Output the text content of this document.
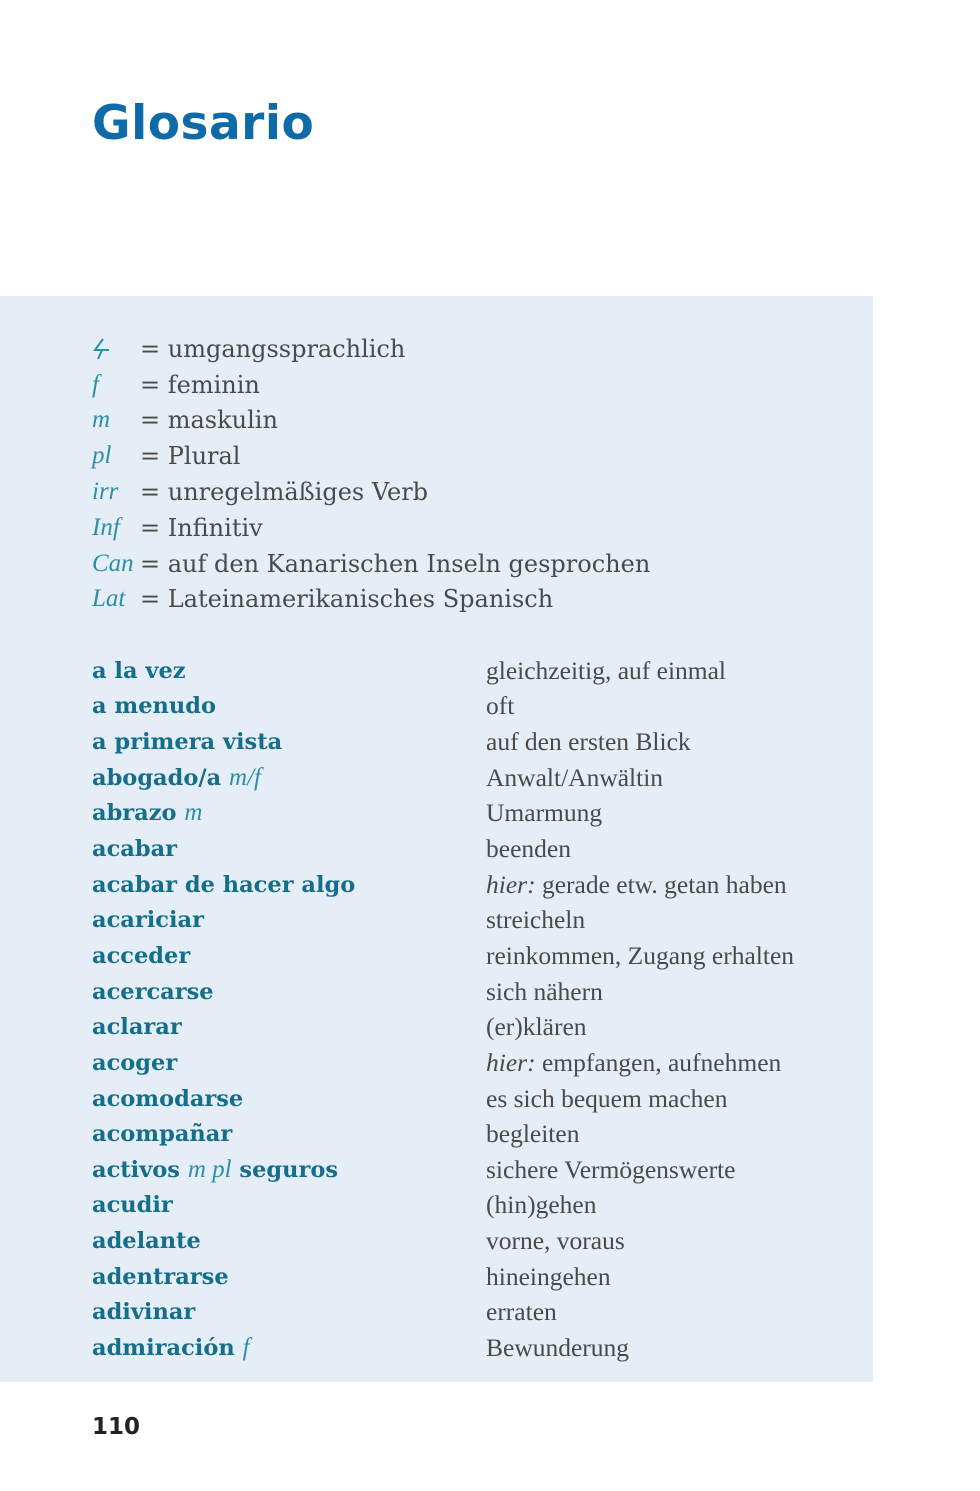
Glosario
= umgangssprachlich
f	= feminin
m	= maskulin
pl	= Plural
irr = unregelmäßiges Verb
Inf = Infinitiv
Can = auf den Kanarischen Inseln gesprochen
Lat = Lateinamerikanisches Spanisch
a la vez	gleichzeitig, auf einmal
a menudo	oft
a primera vista	auf den ersten Blick
abogado/a m/f	Anwalt/Anwältin
abrazo m	Umarmung
acabar	beenden
acabar de hacer algo	hier: gerade etw. getan haben
acariciar	streicheln
acceder	reinkommen, Zugang erhalten
acercarse	sich nähern
aclarar	(er)klären
acoger	hier: empfangen, aufnehmen
acomodarse	es sich bequem machen
acompañar	begleiten
activos m pl seguros	sichere Vermögenswerte
acudir	(hin)gehen
adelante	vorne, voraus
adentrarse	hineingehen
adivinar	erraten
admiración f	Bewunderung
110
